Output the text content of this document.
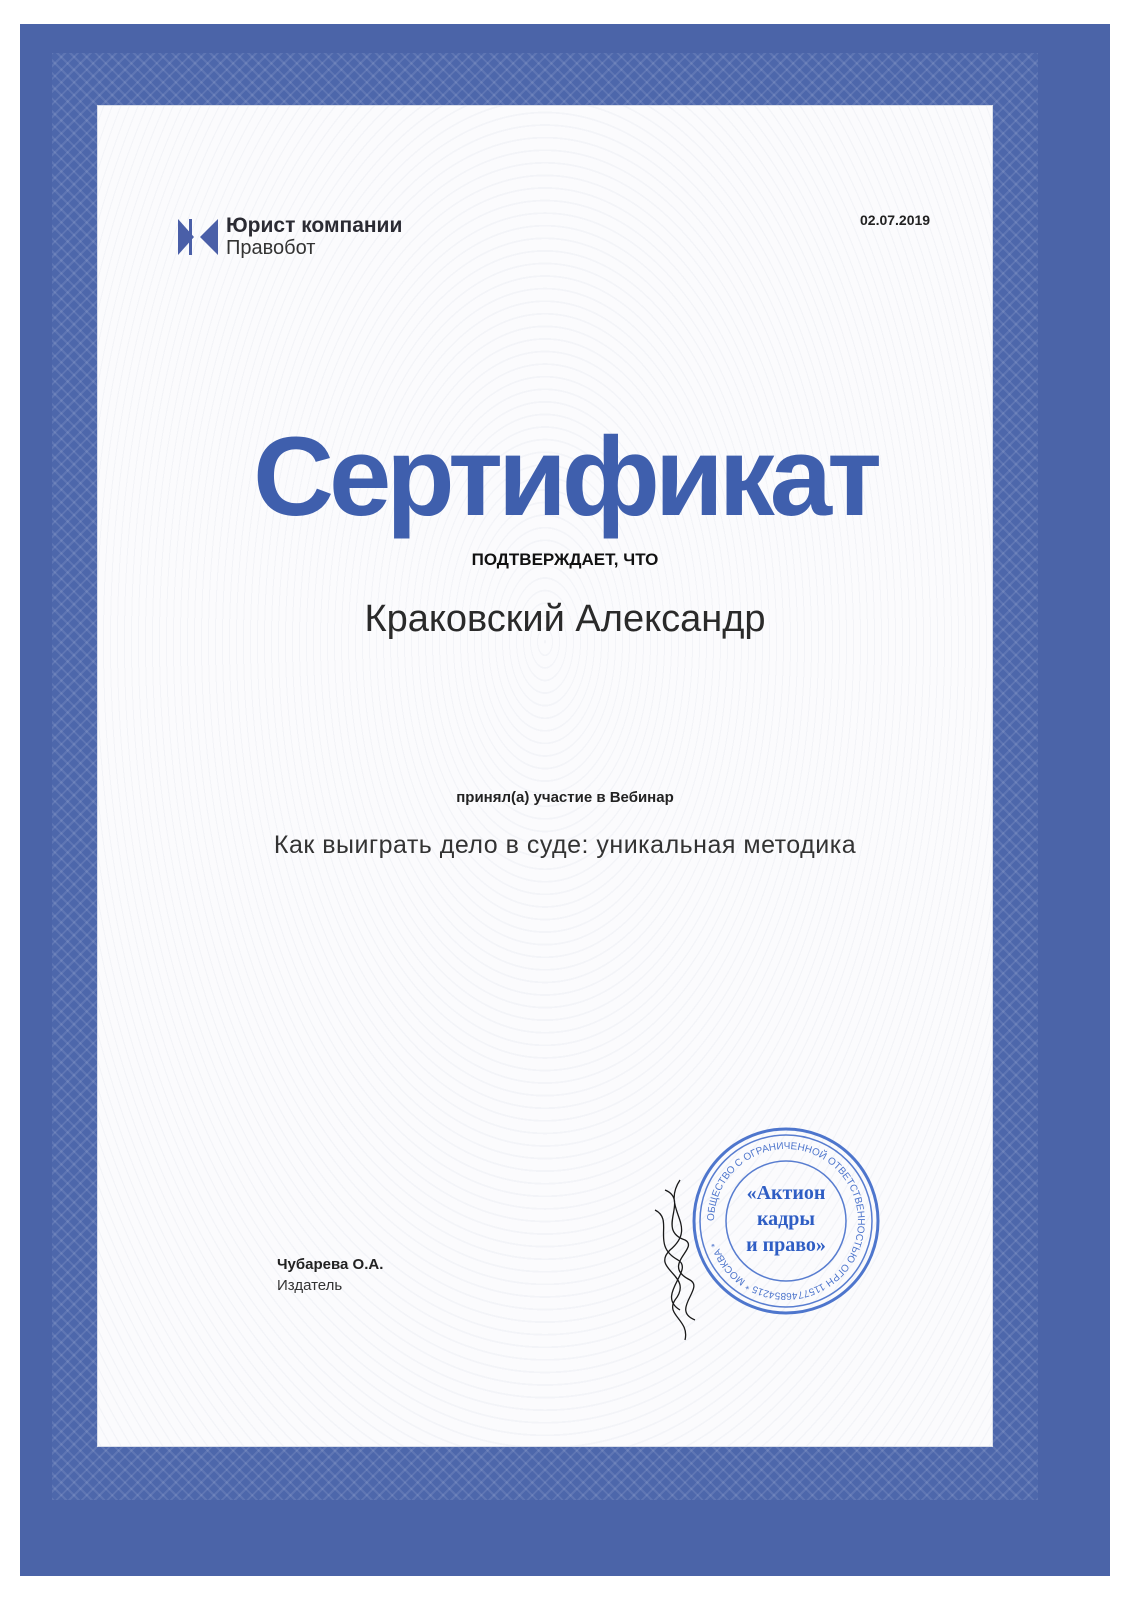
Юрист компании
Правобот
02.07.2019
Сертификат
ПОДТВЕРЖДАЕТ, ЧТО
Краковский Александр
принял(а) участие в Вебинар
Как выиграть дело в суде: уникальная методика
Чубарева О.А.
Издатель
ОБЩЕСТВО С ОГРАНИЧЕННОЙ ОТВЕТСТВЕННОСТЬЮ ОГРН 1157746854215 * МОСКВА *
«Актион
кадры
и право»
